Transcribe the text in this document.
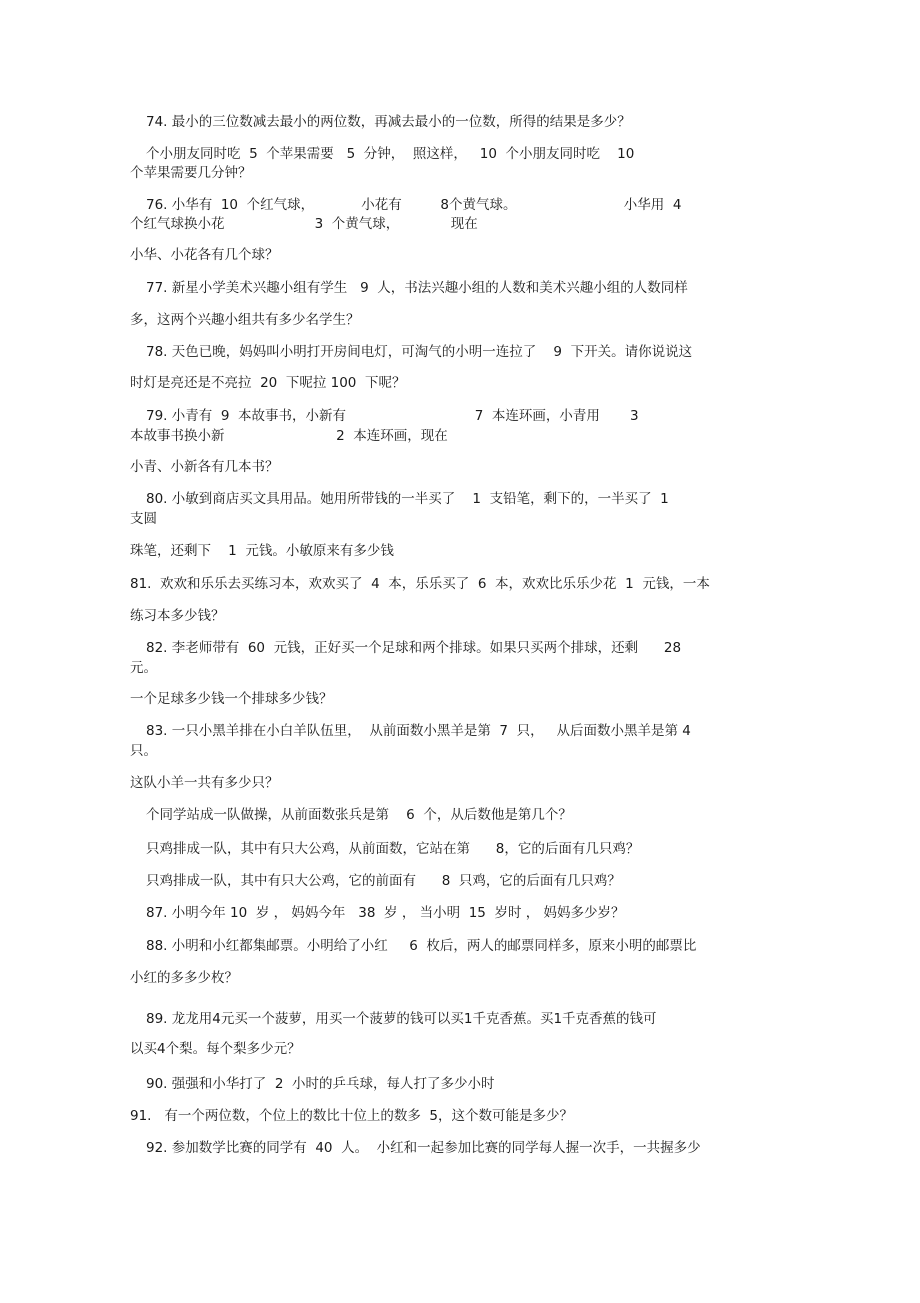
74. 最小的三位数减去最小的两位数，再减去最小的一位数，所得的结果是多少？
个小朋友同时吃  5  个苹果需要   5  分钟，  照这样，   10  个小朋友同时吃    10
个苹果需要几分钟？
76. 小华有  10  个红气球，           小花有         8个黄气球。                         小华用  4
个红气球换小花                     3  个黄气球，            现在
小华、小花各有几个球？
77. 新星小学美术兴趣小组有学生   9  人，书法兴趣小组的人数和美术兴趣小组的人数同样
多，这两个兴趣小组共有多少名学生？
78. 天色已晚，妈妈叫小明打开房间电灯，可淘气的小明一连拉了    9  下开关。请你说说这
时灯是亮还是不亮拉  20  下呢拉 100  下呢？
79. 小青有  9  本故事书，小新有                              7  本连环画，小青用       3
本故事书换小新                          2  本连环画，现在
小青、小新各有几本书？
80. 小敏到商店买文具用品。她用所带钱的一半买了    1  支铅笔，剩下的，一半买了  1
支圆
珠笔，还剩下    1  元钱。小敏原来有多少钱
81.  欢欢和乐乐去买练习本，欢欢买了  4  本，乐乐买了  6  本，欢欢比乐乐少花  1  元钱，一本
练习本多少钱？
82. 李老师带有  60  元钱，正好买一个足球和两个排球。如果只买两个排球，还剩      28
元。
一个足球多少钱一个排球多少钱？
83. 一只小黑羊排在小白羊队伍里，  从前面数小黑羊是第  7  只，   从后面数小黑羊是第 4
只。
这队小羊一共有多少只？
个同学站成一队做操，从前面数张兵是第    6  个，从后数他是第几个？
只鸡排成一队，其中有只大公鸡，从前面数，它站在第      8，它的后面有几只鸡？
只鸡排成一队，其中有只大公鸡，它的前面有      8  只鸡，它的后面有几只鸡？
87. 小明今年 10  岁 ， 妈妈今年   38  岁 ， 当小明  15  岁时 ， 妈妈多少岁？
88. 小明和小红都集邮票。小明给了小红     6  枚后，两人的邮票同样多，原来小明的邮票比
小红的多多少枚？
89. 龙龙用4元买一个菠萝，用买一个菠萝的钱可以买1千克香蕉。买1千克香蕉的钱可
以买4个梨。每个梨多少元？
90. 强强和小华打了  2  小时的乒乓球，每人打了多少小时
91.   有一个两位数，个位上的数比十位上的数多  5，这个数可能是多少？
92. 参加数学比赛的同学有  40  人。  小红和一起参加比赛的同学每人握一次手，一共握多少
